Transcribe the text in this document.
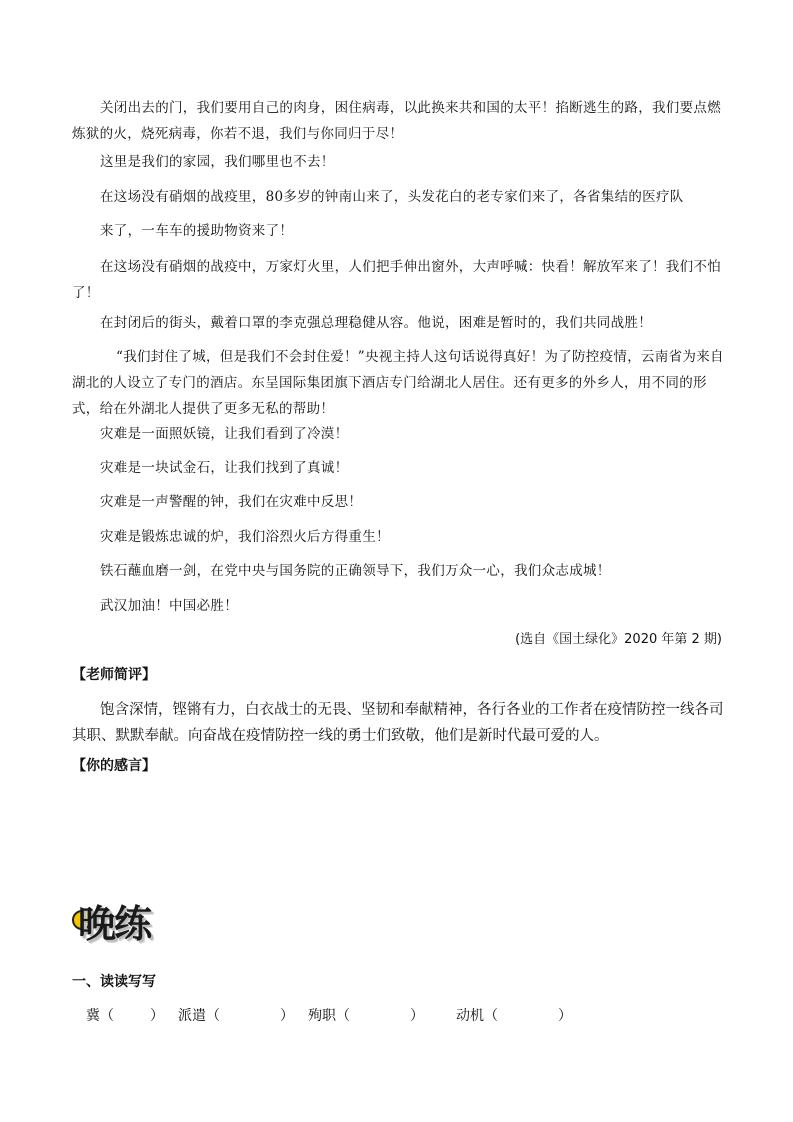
关闭出去的门，我们要用自己的肉身，困住病毒，以此换来共和国的太平！掐断逃生的路，我们要点燃炼狱的火，烧死病毒，你若不退，我们与你同归于尽！

这里是我们的家园，我们哪里也不去！

在这场没有硝烟的战疫里，80多岁的钟南山来了，头发花白的老专家们来了，各省集结的医疗队

来了，一车车的援助物资来了！

在这场没有硝烟的战疫中，万家灯火里，人们把手伸出窗外，大声呼喊：快看！解放军来了！我们不怕了！

在封闭后的街头，戴着口罩的李克强总理稳健从容。他说，困难是暂时的，我们共同战胜！

“我们封住了城，但是我们不会封住爱！”央视主持人这句话说得真好！为了防控疫情，云南省为来自湖北的人设立了专门的酒店。东呈国际集团旗下酒店专门给湖北人居住。还有更多的外乡人，用不同的形式，给在外湖北人提供了更多无私的帮助！

灾难是一面照妖镜，让我们看到了冷漠！

灾难是一块试金石，让我们找到了真诚！

灾难是一声警醒的钟，我们在灾难中反思！

灾难是锻炼忠诚的炉，我们浴烈火后方得重生！

铁石蘸血磨一剑，在党中央与国务院的正确领导下，我们万众一心，我们众志成城！

武汉加油！中国必胜！

(选自《国土绿化》2020 年第 2 期)
【老师简评】

饱含深情，铿锵有力，白衣战士的无畏、坚韧和奉献精神，各行各业的工作者在疫情防控一线各司其职、默默奉献。向奋战在疫情防控一线的勇士们致敬，他们是新时代最可爱的人。

【你的感言】
晚练
一、读读写写
冀 （	） 派遣 （	） 殉职 （	） 动机 （	）
